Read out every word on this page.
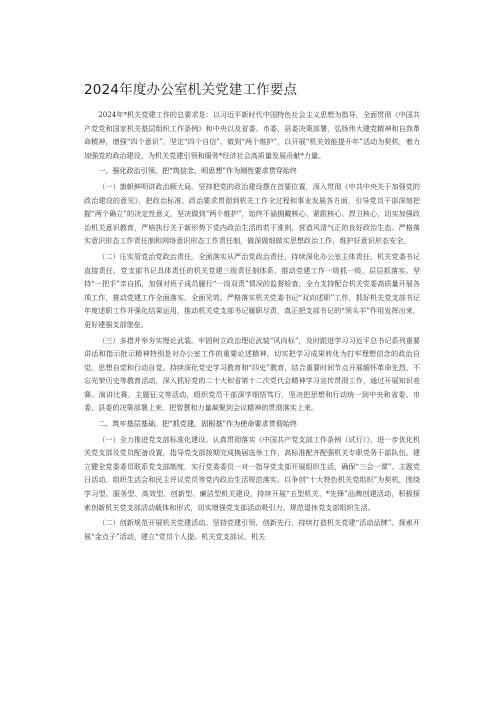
2024年度办公室机关党建工作要点

2024年*机关党建工作的总要求是：以习近平新时代中国特色社会主义思想为指导，全面贯彻《中国共产党党和国家机关基层组织工作条例》和中央以及省委、市委、县委决策部署，弘扬伟大建党精神和自我革命精神，增强“四个意识”、坚定“四个自信”、做到“两个维护”，以开展“机关效能提升年”活动为契机，着力加强党的政治建设，为机关党建引领和服务*经济社会高质量发展贡献*力量。

一、强化政治引领，把“筑信念、明思想”作为刚性要求贯穿始终

（一）旗帜鲜明讲政治顾大局。坚持把党的政治建设摆在首要位置，深入贯彻《中共中央关于加强党的政治建设的意见》，把政治标准、政治要求贯彻到机关工作全过程和事业发展各方面，引导党员干部深刻把握“两个确立”的决定性意义，坚决做到“两个维护”，始终不渝拥戴核心、紧跟核心、捍卫核心，切实加强政治机关意识教育，严格执行关于新形势下党内政治生活的若干准则，营造风清气正的良好政治生态。严格落实意识形态工作责任制和网络意识形态工作责任制，做深做细做实思想政治工作，维护好意识形态安全。

（二）压实管党治党政治责任。全面落实从严治党政治责任，持续深化办公室主体责任、机关党委书记直接责任、党支部书记具体责任的机关党建三级责任制体系，推动党建工作一级抓一级、层层抓落实。坚持“一把手”亲自抓，加强对班子成员履行“一岗双责”情况的监督检查，全力支持配合机关党委高质量开展各项工作，推动党建工作全面落实、全面见效。严格落实机关党委书记“双向述职”工作，抓好机关党支部书记年度述职工作并强化结果运用，推动机关党支部书记履职尽责，真正把支部书记的“领头羊”作用发挥出来，更好建强支部堡垒。

（三）多措并举夯实理论武装。牢固树立政治理论武装“风向标”，及时跟进学习习近平总书记系列重要讲话和指示批示精神特别是对办公室工作的重要论述精神，切实把学习成果转化为打牢理想信念的政治自觉、思想自觉和行动自觉。持续深化党史学习教育和“四史”教育，结合重要时间节点开展缅怀革命先烈、不忘光荣历史等教育活动，深入抓好党的二十大和省第十二次党代会精神学习宣传贯彻工作，通过开展知识竞赛、演讲比赛、主题征文等活动，组织党员干部深学细悟笃行，坚决把思想和行动统一到中央和省委、市委、县委的决策部署上来，把智慧和力量凝聚到会议精神的贯彻落实上来。

二、筑牢基层基础，把“抓党建、固根基”作为使命要求贯彻始终

（一）全力推进党支部标准化建设。认真贯彻落实《中国共产党支部工作条例（试行）》，进一步优化机关党支部及党员配备设置，指导党支部按期完成换届选举工作，高标准配齐配强机关专职党务干部队伍。建立健全党委委员联系党支部制度，实行党委委员一对一指导党支部开展组织生活，确保“三会一课”、主题党日活动、组织生活会和民主评议党员等党内政治生活规范落实。以争创“十大特色机关党组织”为契机，围绕学习型、服务型、高效型、创新型、廉洁型机关建设，持续开展“五型机关、*先锋”品牌创建活动，积极探索创新机关党支部活动载体和形式，切实增强党支部活动吸引力。规范退休党支部组织生活。

（二）创新规范开展机关党建活动。坚持党建引领、创新先行，持续打造机关党建“活动品牌”。探索开展“金点子”活动，建立“党员个人提、机关党支部议、机关
